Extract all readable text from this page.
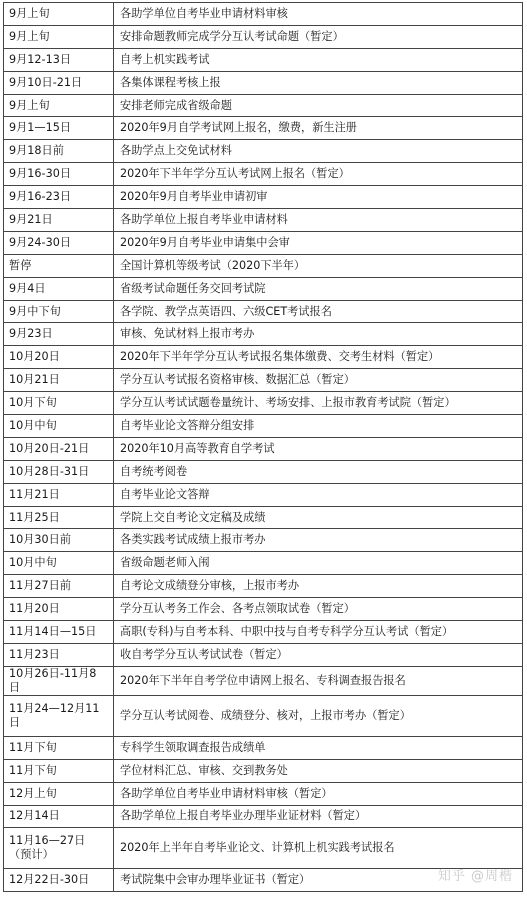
9月上旬	各助学单位自考毕业申请材料审核
9月上旬	安排命题教师完成学分互认考试命题（暂定）
9月12-13日	自考上机实践考试
9月10日-21日	各集体课程考核上报
9月上旬	安排老师完成省级命题
9月1—15日	2020年9月自学考试网上报名，缴费，新生注册
9月18日前	各助学点上交免试材料
9月16-30日	2020年下半年学分互认考试网上报名（暂定）
9月16-23日	2020年9月自考毕业申请初审
9月21日	各助学单位上报自考毕业申请材料
9月24-30日	2020年9月自考毕业申请集中会审
暂停	全国计算机等级考试（2020下半年）
9月4日	省级考试命题任务交回考试院
9月中下旬	各学院、教学点英语四、六级CET考试报名
9月23日	审核、免试材料上报市考办
10月20日	2020年下半年学分互认考试报名集体缴费、交考生材料（暂定）
10月21日	学分互认考试报名资格审核、数据汇总（暂定）
10月下旬	学分互认考试试题卷量统计、考场安排、上报市教育考试院（暂定）
10月中旬	自考毕业论文答辩分组安排
10月20日-21日	2020年10月高等教育自学考试
10月28日-31日	自考统考阅卷
11月21日	自考毕业论文答辩
11月25日	学院上交自考论文定稿及成绩
10月30日前	各类实践考试成绩上报市考办
10月中旬	省级命题老师入闱
11月27日前	自考论文成绩登分审核，上报市考办
11月20日	学分互认考务工作会、各考点领取试卷（暂定）
11月14日—15日	高职(专科)与自考本科、中职中技与自考专科学分互认考试（暂定）
11月23日	收自考学分互认考试试卷（暂定）
10月26日-11月8日	2020年下半年自考学位申请网上报名、专科调查报告报名
11月24—12月11日	学分互认考试阅卷、成绩登分、核对，上报市考办（暂定）
11月下旬	专科学生领取调查报告成绩单
11月下旬	学位材料汇总、审核、交到教务处
12月上旬	各助学单位自考毕业申请材料审核（暂定）
12月14日	各助学单位上报自考毕业办理毕业证材料（暂定）
11月16—27日（预计）	2020年上半年自考毕业论文、计算机上机实践考试报名
12月22日-30日	考试院集中会审办理毕业证书（暂定）	知乎 @周楷
